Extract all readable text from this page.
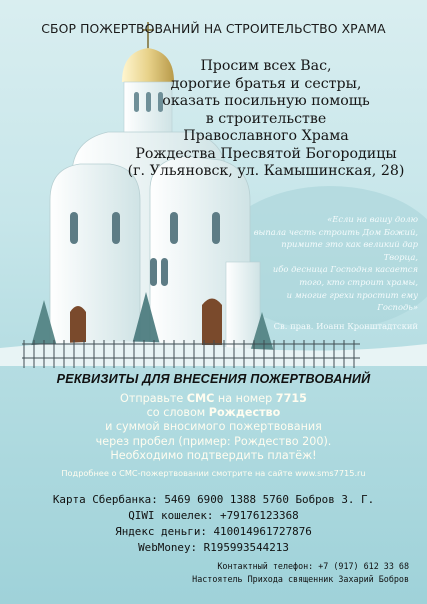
СБОР ПОЖЕРТВОВАНИЙ НА СТРОИТЕЛЬСТВО ХРАМА
Просим всех Вас,
дорогие братья и сестры,
оказать посильную помощь
в строительстве
Православного Храма
Рождества Пресвятой Богородицы
(г. Ульяновск, ул. Камышинская, 28)
«Если на вашу долю
выпала честь строить Дом Божий,
примите это как великий дар Творца,
ибо десница Господня касается
того, кто строит храмы,
и многие грехи простит ему Господь»
Св. прав. Иоанн Кронштадтский
РЕКВИЗИТЫ ДЛЯ ВНЕСЕНИЯ ПОЖЕРТВОВАНИЙ
Отправьте СМС на номер 7715
со словом Рождество
и суммой вносимого пожертвования
через пробел (пример: Рождество 200).
Необходимо подтвердить платёж!
Подробнее о СМС-пожертвовании смотрите на сайте www.sms7715.ru
Карта Сбербанка: 5469 6900 1388 5760 Бобров З. Г.
QIWI кошелек: +79176123368
Яндекс деньги: 410014961727876
WebMoney: R195993544213
Контактный телефон: +7 (917) 612 33 68
Настоятель Прихода священник Захарий Бобров
